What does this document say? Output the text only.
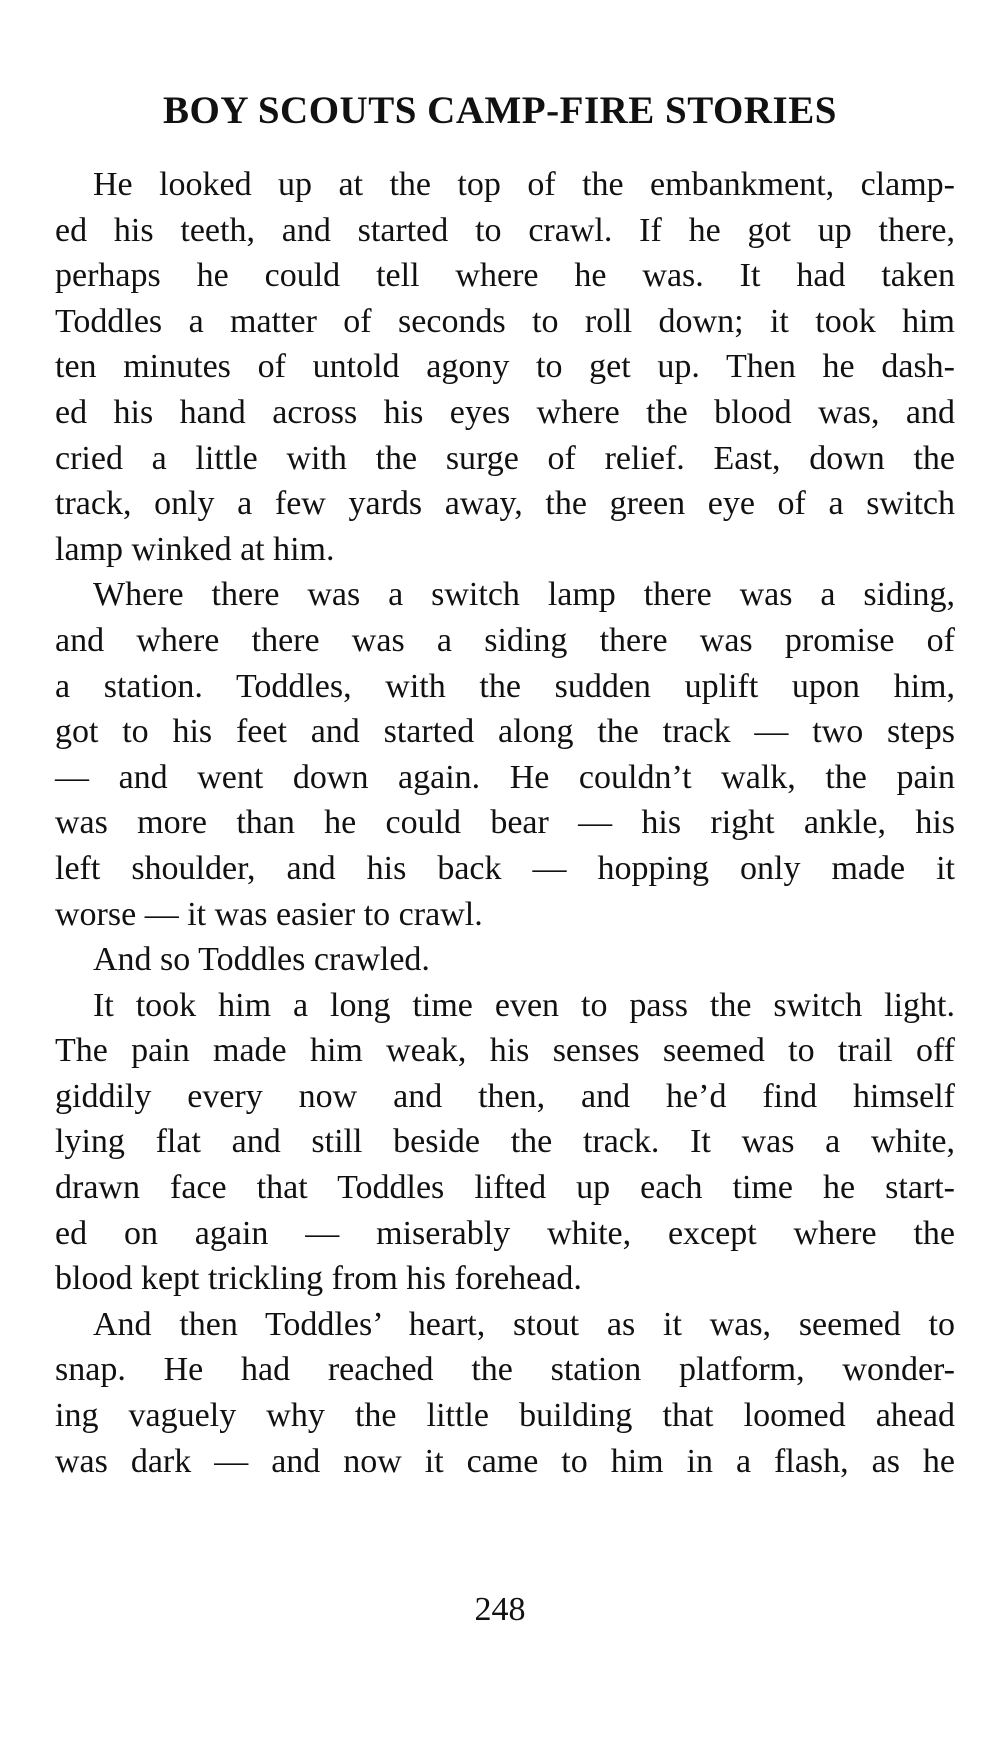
BOY SCOUTS CAMP-FIRE STORIES
He looked up at the top of the embankment, clamp-
ed his teeth, and started to crawl. If he got up there,
perhaps he could tell where he was. It had taken
Toddles a matter of seconds to roll down; it took him
ten minutes of untold agony to get up. Then he dash-
ed his hand across his eyes where the blood was, and
cried a little with the surge of relief. East, down the
track, only a few yards away, the green eye of a switch
lamp winked at him.
Where there was a switch lamp there was a siding,
and where there was a siding there was promise of
a station. Toddles, with the sudden uplift upon him,
got to his feet and started along the track — two steps
— and went down again. He couldn’t walk, the pain
was more than he could bear — his right ankle, his
left shoulder, and his back — hopping only made it
worse — it was easier to crawl.
And so Toddles crawled.
It took him a long time even to pass the switch light.
The pain made him weak, his senses seemed to trail off
giddily every now and then, and he’d find himself
lying flat and still beside the track. It was a white,
drawn face that Toddles lifted up each time he start-
ed on again — miserably white, except where the
blood kept trickling from his forehead.
And then Toddles’ heart, stout as it was, seemed to
snap. He had reached the station platform, wonder-
ing vaguely why the little building that loomed ahead
was dark — and now it came to him in a flash, as he
248
